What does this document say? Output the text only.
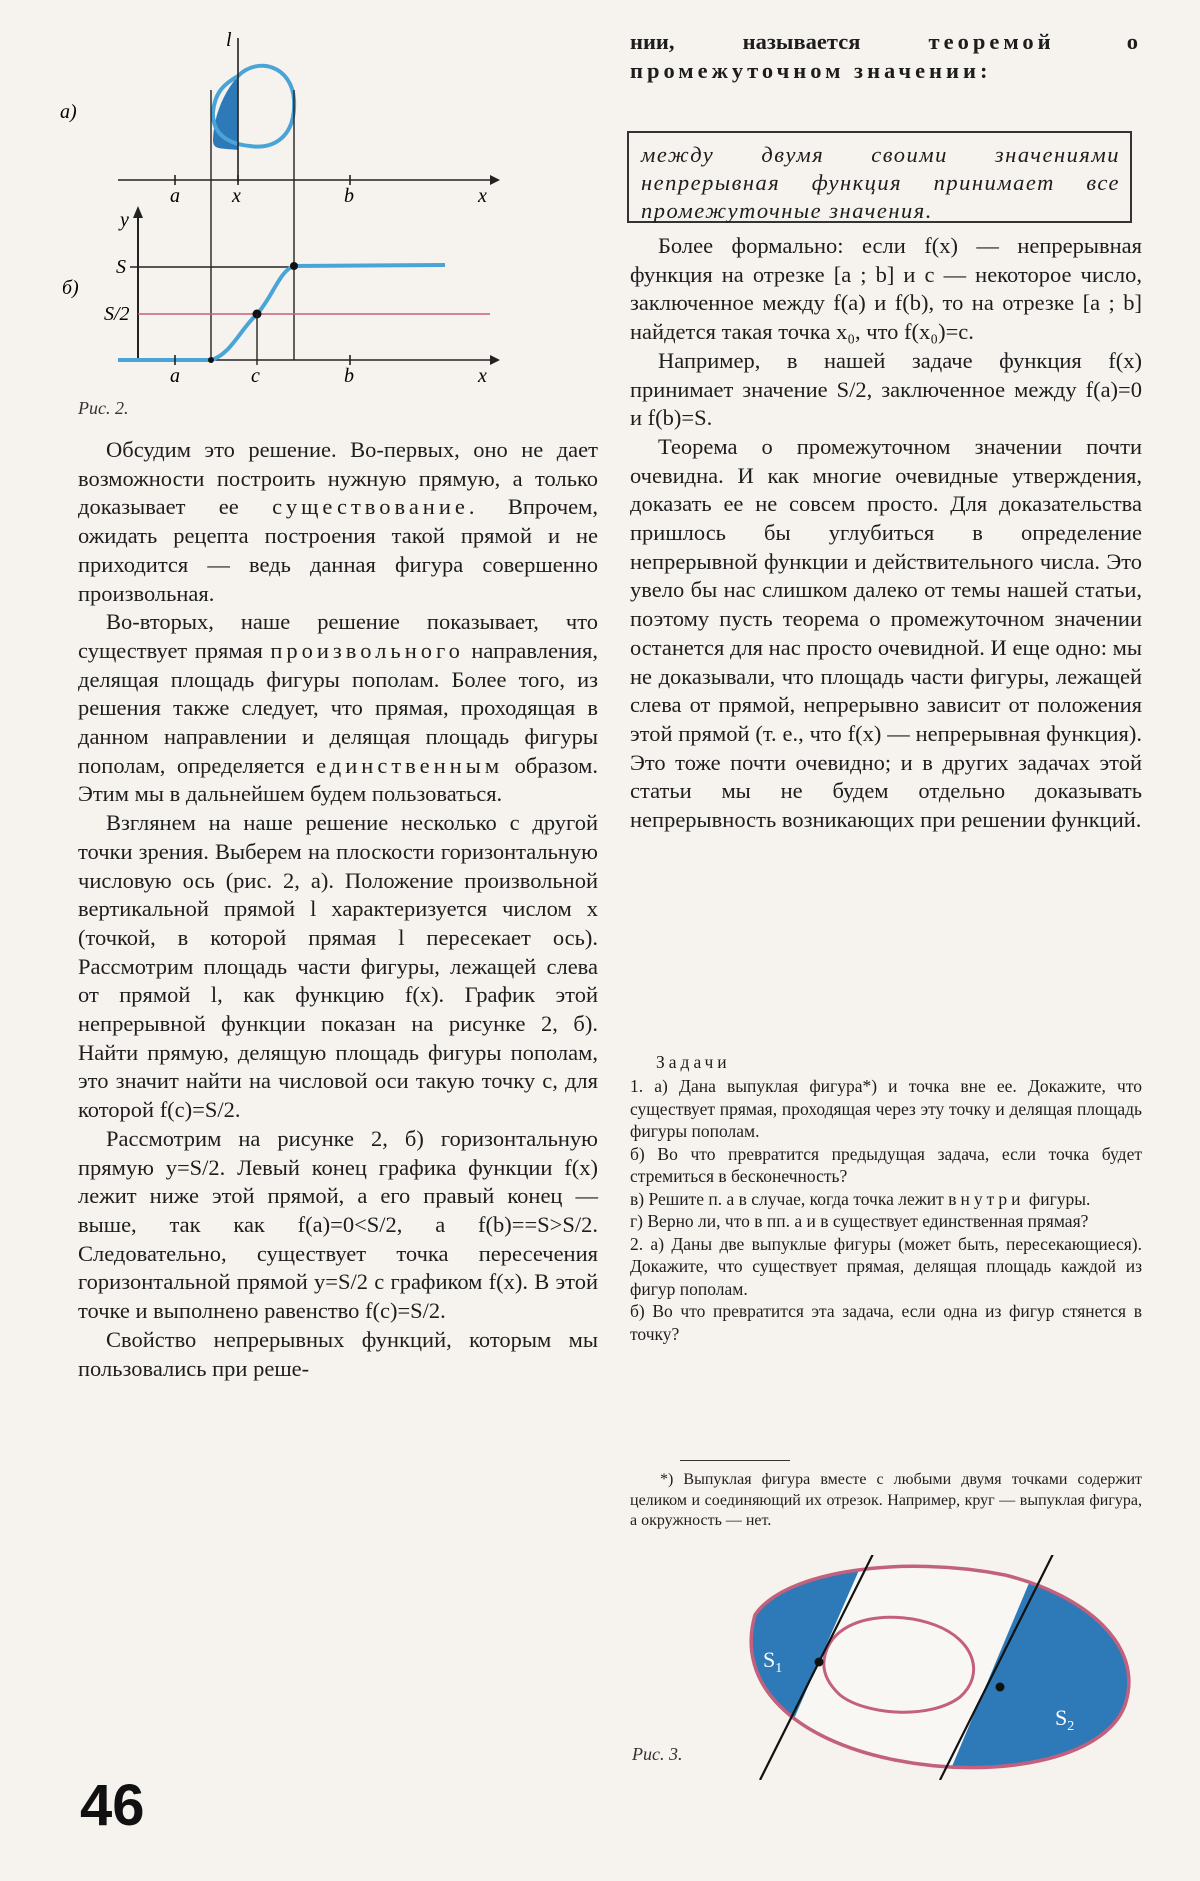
а)
l
a	x	b	x
б)
y
S
S/2
a	c	b	x
Рис. 2.

Обсудим это решение. Во-первых, оно не дает возможности построить нужную прямую, а только доказывает ее существование. Впрочем, ожидать рецепта построения такой прямой и не приходится — ведь данная фигура совершенно произвольная.

Во-вторых, наше решение показывает, что существует прямая произвольного направления, делящая площадь фигуры пополам. Более того, из решения также следует, что прямая, проходящая в данном направлении и делящая площадь фигуры пополам, определяется единственным образом. Этим мы в дальнейшем будем пользоваться.

Взглянем на наше решение несколько с другой точки зрения. Выберем на плоскости горизонтальную числовую ось (рис. 2, а). Положение произвольной вертикальной прямой l характеризуется числом x (точкой, в которой прямая l пересекает ось). Рассмотрим площадь части фигуры, лежащей слева от прямой l, как функцию f(x). График этой непрерывной функции показан на рисунке 2, б). Найти прямую, делящую площадь фигуры пополам, это значит найти на числовой оси такую точку c, для которой f(c)=S/2.

Рассмотрим на рисунке 2, б) горизонтальную прямую y=S/2. Левый конец графика функции f(x) лежит ниже этой прямой, а его правый конец — выше, так как f(a)=0<S/2, а f(b)==S>S/2. Следовательно, существует точка пересечения горизонтальной прямой y=S/2 с графиком f(x). В этой точке и выполнено равенство f(c)=S/2.

Свойство непрерывных функций, которым мы пользовались при реше-

нии, называется теоремой о промежуточном значении:

между двумя своими значениями непрерывная функция принимает все промежуточные значения.

Более формально: если f(x) — непрерывная функция на отрезке [a ; b] и c — некоторое число, заключенное между f(a) и f(b), то на отрезке [a ; b] найдется такая точка x₀, что f(x₀)=c.

Например, в нашей задаче функция f(x) принимает значение S/2, заключенное между f(a)=0 и f(b)=S.

Теорема о промежуточном значении почти очевидна. И как многие очевидные утверждения, доказать ее не совсем просто. Для доказательства пришлось бы углубиться в определение непрерывной функции и действительного числа. Это увело бы нас слишком далеко от темы нашей статьи, поэтому пусть теорема о промежуточном значении останется для нас просто очевидной. И еще одно: мы не доказывали, что площадь части фигуры, лежащей слева от прямой, непрерывно зависит от положения этой прямой (т. е., что f(x) — непрерывная функция). Это тоже почти очевидно; и в других задачах этой статьи мы не будем отдельно доказывать непрерывность возникающих при решении функций.

Задачи

1. а) Дана выпуклая фигура*) и точка вне ее. Докажите, что существует прямая, проходящая через эту точку и делящая площадь фигуры пополам.

б) Во что превратится предыдущая задача, если точка будет стремиться в бесконечность?

в) Решите п. а в случае, когда точка лежит внутри фигуры.

г) Верно ли, что в пп. а и в существует единственная прямая?

2. а) Даны две выпуклые фигуры (может быть, пересекающиеся). Докажите, что существует прямая, делящая площадь каждой из фигур пополам.

б) Во что превратится эта задача, если одна из фигур стянется в точку?

*) Выпуклая фигура вместе с любыми двумя точками содержит целиком и соединяющий их отрезок. Например, круг — выпуклая фигура, а окружность — нет.

$S_1$
$S_2$
Рис. 3.
46
